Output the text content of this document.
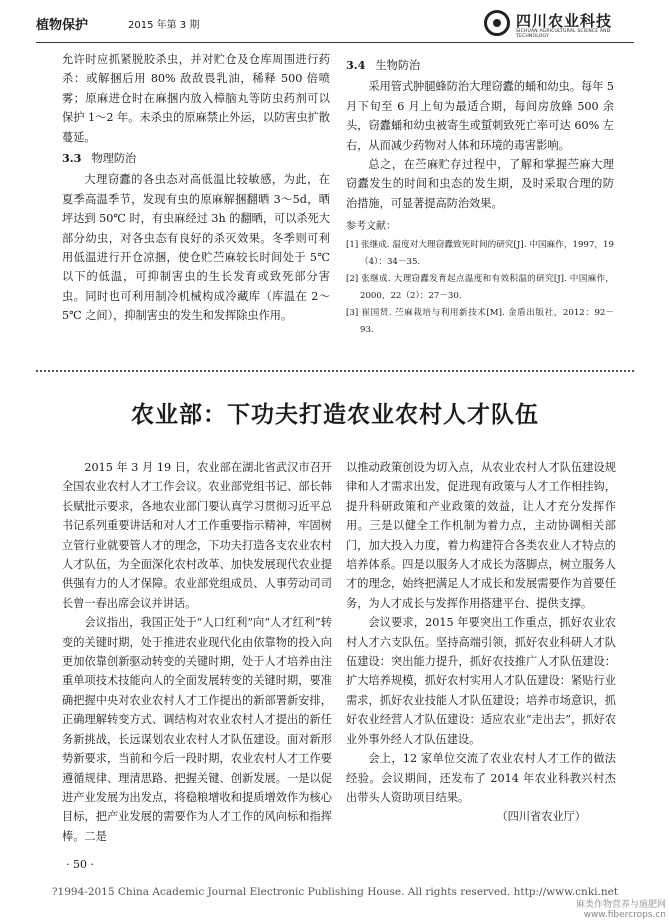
植物保护	2015 年第 3 期	四川农业科技
SICHUAN AGRICULTURAL SCIENCE AND TECHNOLOGY

允许时应抓紧脱胶杀虫，并对贮仓及仓库周围进行药杀：或解捆后用 80% 敌敌畏乳油，稀释 500 倍喷雾；原麻进仓时在麻捆内放入樟脑丸等防虫药剂可以保护 1～2 年。未杀虫的原麻禁止外运，以防害虫扩散蔓延。

3.3 物理防治

大理窃蠹的各虫态对高低温比较敏感，为此，在夏季高温季节，发现有虫的原麻解捆翻晒 3～5d，晒坪达到 50℃ 时，有虫麻经过 3h 的翻晒，可以杀死大部分幼虫，对各虫态有良好的杀灭效果。冬季则可利用低温进行开仓凉捆，使仓贮苎麻较长时间处于 5℃ 以下的低温，可抑制害虫的生长发育或致死部分害虫。同时也可利用制冷机械构成冷藏库（库温在 2～5℃ 之间），抑制害虫的发生和发挥除虫作用。

3.4 生物防治

采用管式肿腿蜂防治大理窃蠹的蛹和幼虫。每年 5 月下旬至 6 月上旬为最适合期，每间房放蜂 500 余头，窃蠹蛹和幼虫被寄生或蜇刺致死亡率可达 60% 左右，从而减少药物对人体和环境的毒害影响。

总之，在苎麻贮存过程中，了解和掌握苎麻大理窃蠹发生的时间和虫态的发生期，及时采取合理的防治措施，可显著提高防治效果。

参考文献：
[1] 张继成. 温度对大理窃蠹致死时间的研究[J]. 中国麻作，1997，19（4）：34－35.
[2] 张继成. 大理窃蠹发育起点温度和有效积温的研究[J]. 中国麻作，2000，22（2）：27－30.
[3] 崔国贤. 苎麻栽培与利用新技术[M]. 金盾出版社，2012：92－93.
农业部：下功夫打造农业农村人才队伍

2015 年 3 月 19 日，农业部在湖北省武汉市召开全国农业农村人才工作会议。农业部党组书记、部长韩长赋批示要求，各地农业部门要认真学习贯彻习近平总书记系列重要讲话和对人才工作重要指示精神，牢固树立管行业就要管人才的理念，下功夫打造各支农业农村人才队伍，为全面深化农村改革、加快发展现代农业提供强有力的人才保障。农业部党组成员、人事劳动司司长曾一春出席会议并讲话。

会议指出，我国正处于“人口红利”向“人才红利”转变的关键时期，处于推进农业现代化由依靠物的投入向更加依靠创新驱动转变的关键时期，处于人才培养由注重单项技术技能向人的全面发展转变的关键时期，要准确把握中央对农业农村人才工作提出的新部署新安排，正确理解转变方式、调结构对农业农村人才提出的新任务新挑战，长远谋划农业农村人才队伍建设。面对新形势新要求，当前和今后一段时期，农业农村人才工作要遵循规律、理清思路、把握关键、创新发展。一是以促进产业发展为出发点，将稳粮增收和提质增效作为核心目标，把产业发展的需要作为人才工作的风向标和指挥棒。二是

以推动政策创设为切入点，从农业农村人才队伍建设规律和人才需求出发，促进现有政策与人才工作相挂钩，提升科研政策和产业政策的效益，让人才充分发挥作用。三是以健全工作机制为着力点，主动协调相关部门，加大投入力度，着力构建符合各类农业人才特点的培养体系。四是以服务人才成长为落脚点，树立服务人才的理念，始终把满足人才成长和发展需要作为首要任务，为人才成长与发挥作用搭建平台、提供支撑。

会议要求，2015 年要突出工作重点，抓好农业农村人才六支队伍。坚持高端引领，抓好农业科研人才队伍建设：突出能力提升，抓好农技推广人才队伍建设：扩大培养规模，抓好农村实用人才队伍建设：紧贴行业需求，抓好农业技能人才队伍建设；培养市场意识，抓好农业经营人才队伍建设：适应农业“走出去”，抓好农业外事外经人才队伍建设。

会上，12 家单位交流了农业农村人才工作的做法经验。会议期间，还发布了 2014 年农业科教兴村杰出带头人资助项目结果。

（四川省农业厅）
· 50 ·
?1994-2015 China Academic Journal Electronic Publishing House. All rights reserved. http://www.cnki.net
麻类作物营养与施肥网
www.fibercrops.cn
